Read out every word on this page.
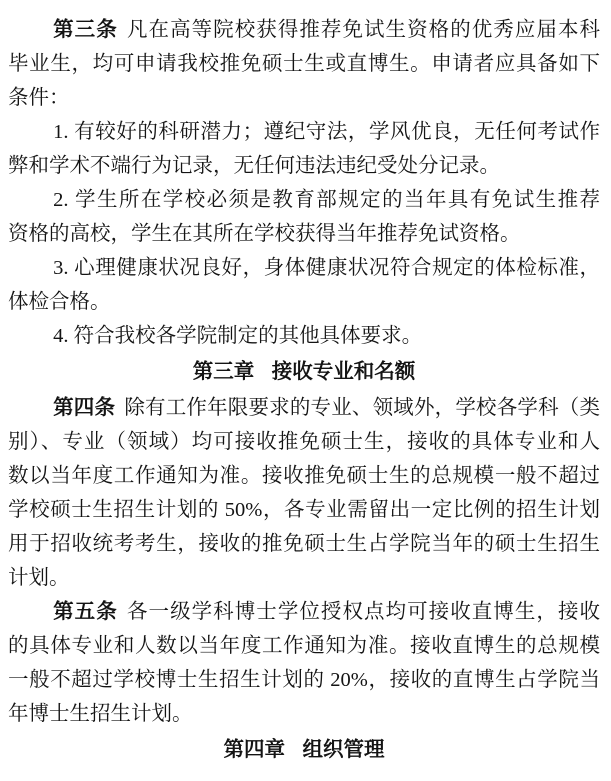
第三条 凡在高等院校获得推荐免试生资格的优秀应届本科
毕业生，均可申请我校推免硕士生或直博生。申请者应具备如下
条件：
1. 有较好的科研潜力；遵纪守法，学风优良，无任何考试作
弊和学术不端行为记录，无任何违法违纪受处分记录。
2. 学生所在学校必须是教育部规定的当年具有免试生推荐
资格的高校，学生在其所在学校获得当年推荐免试资格。
3. 心理健康状况良好，身体健康状况符合规定的体检标准，
体检合格。
4. 符合我校各学院制定的其他具体要求。
第三章 接收专业和名额
第四条 除有工作年限要求的专业、领域外，学校各学科（类
别）、专业（领域）均可接收推免硕士生，接收的具体专业和人
数以当年度工作通知为准。接收推免硕士生的总规模一般不超过
学校硕士生招生计划的 50%，各专业需留出一定比例的招生计划
用于招收统考考生，接收的推免硕士生占学院当年的硕士生招生
计划。
第五条 各一级学科博士学位授权点均可接收直博生，接收
的具体专业和人数以当年度工作通知为准。接收直博生的总规模
一般不超过学校博士生招生计划的 20%，接收的直博生占学院当
年博士生招生计划。
第四章 组织管理
